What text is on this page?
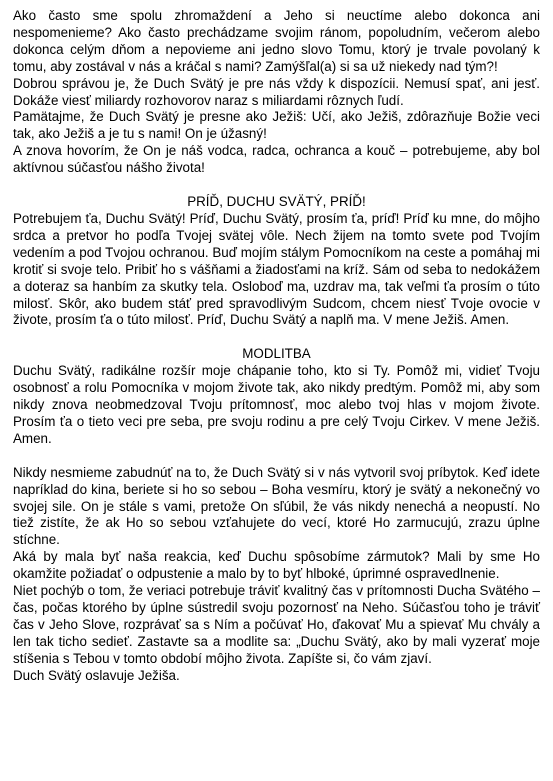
Ako často sme spolu zhromaždení a Jeho si neuctíme alebo dokonca ani nespomenieme? Ako často prechádzame svojim ránom, popoludním, večerom alebo dokonca celým dňom a nepovieme ani jedno slovo Tomu, ktorý je trvale povolaný k tomu, aby zostával v nás a kráčal s nami? Zamýšľal(a) si sa už niekedy nad tým?!

Dobrou správou je, že Duch Svätý je pre nás vždy k dispozícii. Nemusí spať, ani jesť. Dokáže viesť miliardy rozhovorov naraz s miliardami rôznych ľudí.

Pamätajme, že Duch Svätý je presne ako Ježiš: Učí, ako Ježiš, zdôrazňuje Božie veci tak, ako Ježiš a je tu s nami! On je úžasný!

A znova hovorím, že On je náš vodca, radca, ochranca a kouč – potrebujeme, aby bol aktívnou súčasťou nášho života!

PRÍĎ, DUCHU SVÄTÝ, PRÍĎ!

Potrebujem ťa, Duchu Svätý! Príď, Duchu Svätý, prosím ťa, príď! Príď ku mne, do môjho srdca a pretvor ho podľa Tvojej svätej vôle. Nech žijem na tomto svete pod Tvojím vedením a pod Tvojou ochranou. Buď mojím stálym Pomocníkom na ceste a pomáhaj mi krotiť si svoje telo. Pribiť ho s vášňami a žiadosťami na kríž. Sám od seba to nedokážem a doteraz sa hanbím za skutky tela. Osloboď ma, uzdrav ma, tak veľmi ťa prosím o túto milosť. Skôr, ako budem stáť pred spravodlivým Sudcom, chcem niesť Tvoje ovocie v živote, prosím ťa o túto milosť. Príď, Duchu Svätý a naplň ma. V mene Ježiš. Amen.

MODLITBA

Duchu Svätý, radikálne rozšír moje chápanie toho, kto si Ty. Pomôž mi, vidieť Tvoju osobnosť a rolu Pomocníka v mojom živote tak, ako nikdy predtým. Pomôž mi, aby som nikdy znova neobmedzoval Tvoju prítomnosť, moc alebo tvoj hlas v mojom živote. Prosím ťa o tieto veci pre seba, pre svoju rodinu a pre celý Tvoju Cirkev. V mene Ježiš. Amen.

Nikdy nesmieme zabudnúť na to, že Duch Svätý si v nás vytvoril svoj príbytok. Keď idete napríklad do kina, beriete si ho so sebou – Boha vesmíru, ktorý je svätý a nekonečný vo svojej sile. On je stále s vami, pretože On sľúbil, že vás nikdy nenechá a neopustí. No tiež zistíte, že ak Ho so sebou vzťahujete do vecí, ktoré Ho zarmucujú, zrazu úplne stíchne.

Aká by mala byť naša reakcia, keď Duchu spôsobíme zármutok? Mali by sme Ho okamžite požiadať o odpustenie a malo by to byť hlboké, úprimné ospravedlnenie.

Niet pochýb o tom, že veriaci potrebuje tráviť kvalitný čas v prítomnosti Ducha Svätého – čas, počas ktorého by úplne sústredil svoju pozornosť na Neho. Súčasťou toho je tráviť čas v Jeho Slove, rozprávať sa s Ním a počúvať Ho, ďakovať Mu a spievať Mu chvály a len tak ticho sedieť. Zastavte sa a modlite sa: „Duchu Svätý, ako by mali vyzerať moje stíšenia s Tebou v tomto období môjho života. Zapíšte si, čo vám zjaví.

Duch Svätý oslavuje Ježiša.
